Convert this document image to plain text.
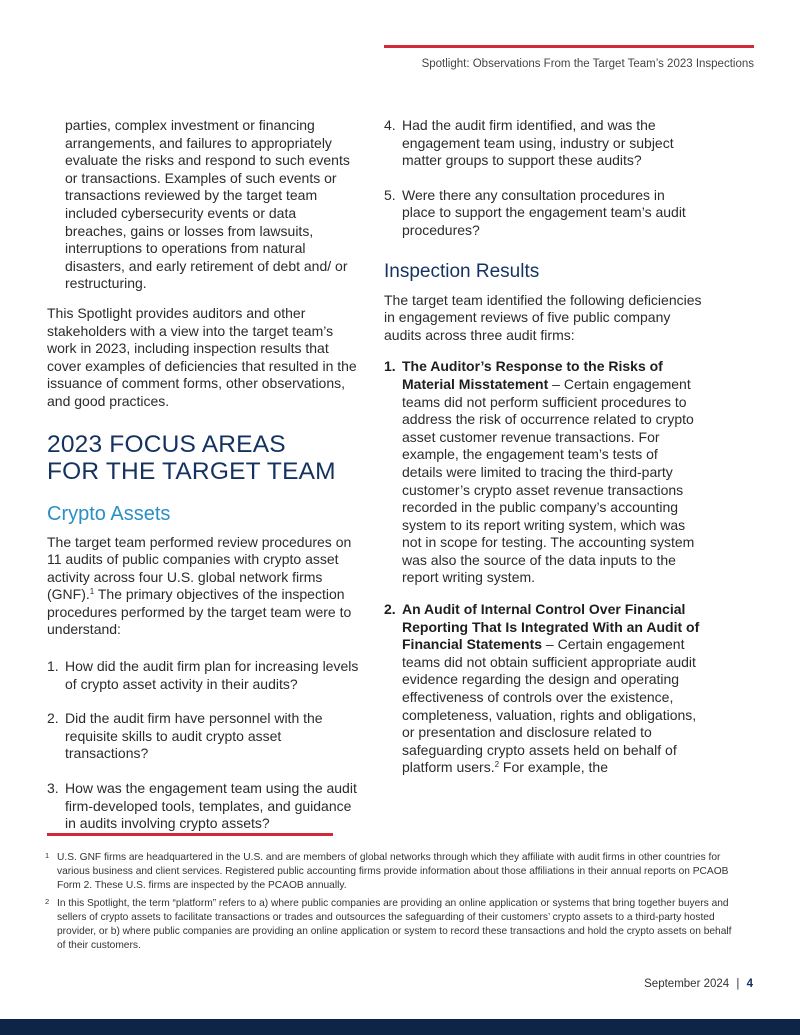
Spotlight: Observations From the Target Team’s 2023 Inspections

parties, complex investment or financing arrangements, and failures to appropriately evaluate the risks and respond to such events or transactions. Examples of such events or transactions reviewed by the target team included cybersecurity events or data breaches, gains or losses from lawsuits, interruptions to operations from natural disasters, and early retirement of debt and/ or restructuring.

This Spotlight provides auditors and other stakeholders with a view into the target team’s work in 2023, including inspection results that cover examples of deficiencies that resulted in the issuance of comment forms, other observations, and good practices.

2023 FOCUS AREAS
FOR THE TARGET TEAM
Crypto Assets

The target team performed review procedures on 11 audits of public companies with crypto asset activity across four U.S. global network firms (GNF).$^1$ The primary objectives of the inspection procedures performed by the target team were to understand:

1. How did the audit firm plan for increasing levels of crypto asset activity in their audits?
2. Did the audit firm have personnel with the requisite skills to audit crypto asset transactions?
3. How was the engagement team using the audit firm-developed tools, templates, and guidance in audits involving crypto assets?
4. Had the audit firm identified, and was the engagement team using, industry or subject matter groups to support these audits?
5. Were there any consultation procedures in place to support the engagement team’s audit procedures?
Inspection Results

The target team identified the following deficiencies in engagement reviews of five public company audits across three audit firms:

1. The Auditor’s Response to the Risks of Material Misstatement – Certain engagement teams did not perform sufficient procedures to address the risk of occurrence related to crypto asset customer revenue transactions. For example, the engagement team’s tests of details were limited to tracing the third-party customer’s crypto asset revenue transactions recorded in the public company’s accounting system to its report writing system, which was not in scope for testing. The accounting system was also the source of the data inputs to the report writing system.
2. An Audit of Internal Control Over Financial Reporting That Is Integrated With an Audit of Financial Statements – Certain engagement teams did not obtain sufficient appropriate audit evidence regarding the design and operating effectiveness of controls over the existence, completeness, valuation, rights and obligations, or presentation and disclosure related to safeguarding crypto assets held on behalf of platform users.$^2$ For example, the
1 U.S. GNF firms are headquartered in the U.S. and are members of global networks through which they affiliate with audit firms in other countries for various business and client services. Registered public accounting firms provide information about those affiliations in their annual reports on PCAOB Form 2. These U.S. firms are inspected by the PCAOB annually.
2 In this Spotlight, the term “platform” refers to a) where public companies are providing an online application or systems that bring together buyers and sellers of crypto assets to facilitate transactions or trades and outsources the safeguarding of their customers’ crypto assets to a third-party hosted provider, or b) where public companies are providing an online application or system to record these transactions and hold the crypto assets on behalf of their customers.
September 2024 | 4
